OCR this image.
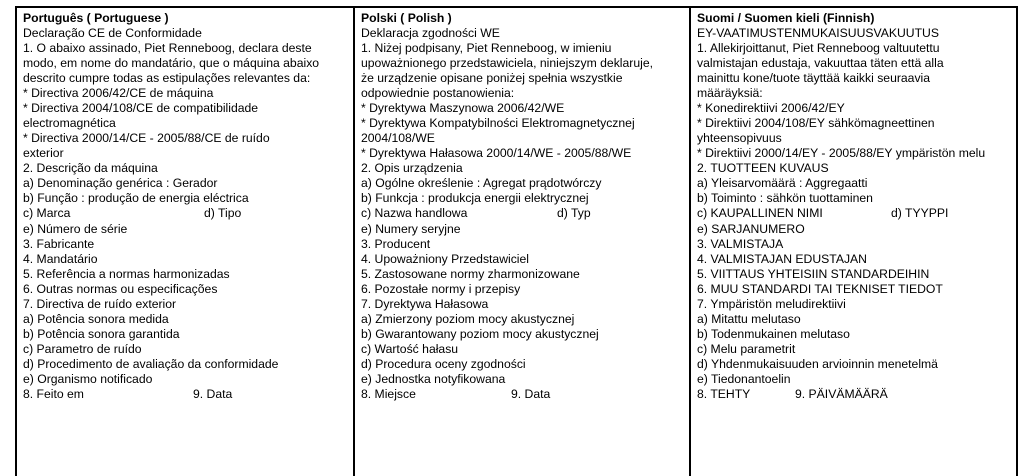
Português ( Portuguese )
Declaração CE de Conformidade
1. O abaixo assinado, Piet Renneboog, declara deste modo, em nome do mandatário, que o máquina abaixo descrito cumpre todas as estipulações relevantes da:
* Directiva 2006/42/CE de máquina
* Directiva 2004/108/CE de compatibilidade electromagnética
* Directiva 2000/14/CE - 2005/88/CE de ruído exterior
2. Descrição da máquina
a) Denominação genérica : Gerador
b) Função : produção de energia eléctrica
c) Marca	d) Tipo
e) Número de série
3. Fabricante
4. Mandatário
5. Referência a normas harmonizadas
6. Outras normas ou especificações
7. Directiva de ruído exterior
a) Potência sonora medida
b) Potência sonora garantida
c) Parametro de ruído
d) Procedimento de avaliação da conformidade
e) Organismo notificado
8. Feito em	9. Data
Polski ( Polish )
Deklaracja zgodności WE
1. Niżej podpisany, Piet Renneboog, w imieniu upoważnionego przedstawiciela, niniejszym deklaruje, że urządzenie opisane poniżej spełnia wszystkie odpowiednie postanowienia:
* Dyrektywa Maszynowa 2006/42/WE
* Dyrektywa Kompatybilności Elektromagnetycznej 2004/108/WE
* Dyrektywa Hałasowa 2000/14/WE - 2005/88/WE
2. Opis urządzenia
a) Ogólne określenie : Agregat prądotwórczy
b) Funkcja : produkcja energii elektrycznej
c) Nazwa handlowa	d) Typ
e) Numery seryjne
3. Producent
4. Upoważniony Przedstawiciel
5. Zastosowane normy zharmonizowane
6. Pozostałe normy i przepisy
7. Dyrektywa Hałasowa
a) Zmierzony poziom mocy akustycznej
b) Gwarantowany poziom mocy akustycznej
c) Wartość hałasu
d) Procedura oceny zgodności
e) Jednostka notyfikowana
8. Miejsce	9. Data
Suomi / Suomen kieli (Finnish)
EY-VAATIMUSTENMUKAISUUSVAKUUTUS
1. Allekirjoittanut, Piet Renneboog valtuutettu valmistajan edustaja, vakuuttaa täten että alla mainittu kone/tuote täyttää kaikki seuraavia määräyksiä:
* Konedirektiivi 2006/42/EY
* Direktiivi 2004/108/EY sähkömagneettinen yhteensopivuus
* Direktiivi 2000/14/EY - 2005/88/EY ympäristön melu
2. TUOTTEEN KUVAUS
a) Yleisarvomäärä : Aggregaatti
b) Toiminto : sähkön tuottaminen
c) KAUPALLINEN NIMI	d) TYYPPI
e) SARJANUMERO
3. VALMISTAJA
4. VALMISTAJAN EDUSTAJAN
5. VIITTAUS YHTEISIIN STANDARDEIHIN
6. MUU STANDARDI TAI TEKNISET TIEDOT
7. Ympäristön meludirektiivi
a) Mitattu melutaso
b) Todenmukainen melutaso
c) Melu parametrit
d) Yhdenmukaisuuden arvioinnin menetelmä
e) Tiedonantoelin
8. TEHTY	9. PÄIVÄMÄÄRÄ
